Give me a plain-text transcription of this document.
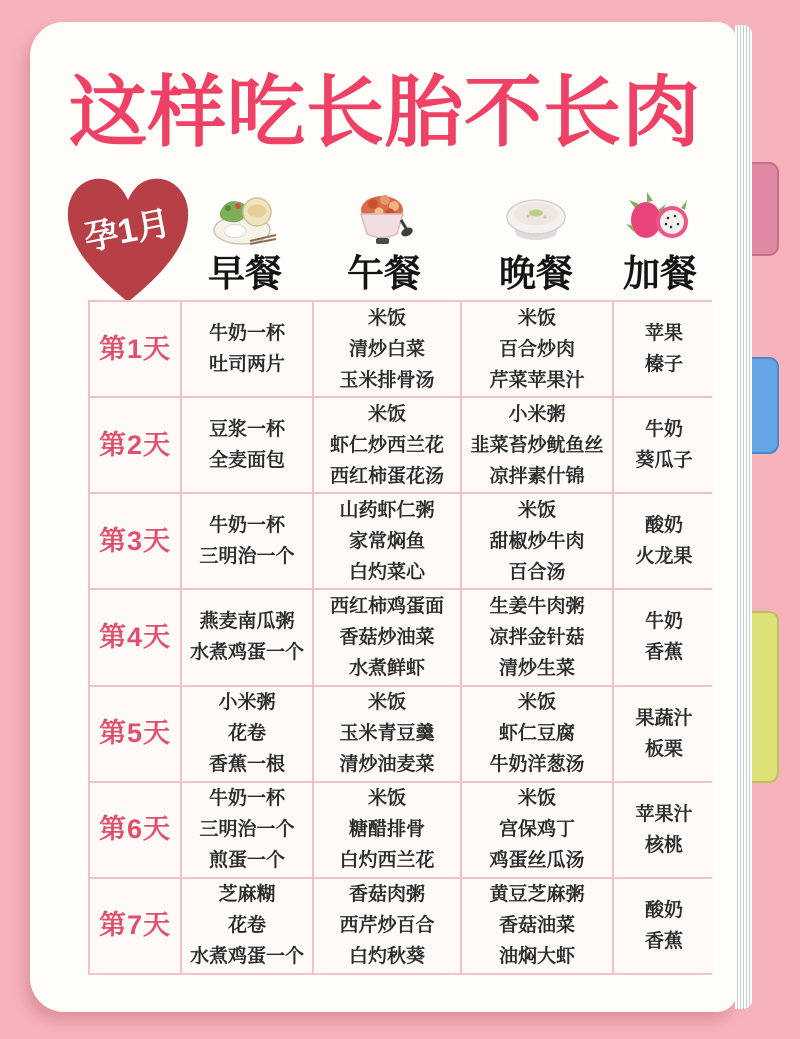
这样吃长胎不长肉
孕1月
早餐 午餐 晚餐 加餐
第1天 牛奶一杯
吐司两片
米饭
清炒白菜
玉米排骨汤
米饭
百合炒肉
芹菜苹果汁
苹果
榛子
第2天 豆浆一杯
全麦面包
米饭
虾仁炒西兰花
西红柿蛋花汤
小米粥
韭菜苔炒鱿鱼丝
凉拌素什锦
牛奶
葵瓜子
第3天 牛奶一杯
三明治一个
山药虾仁粥
家常焖鱼
白灼菜心
米饭
甜椒炒牛肉
百合汤
酸奶
火龙果
第4天 燕麦南瓜粥
水煮鸡蛋一个
西红柿鸡蛋面
香菇炒油菜
水煮鲜虾
生姜牛肉粥
凉拌金针菇
清炒生菜
牛奶
香蕉
第5天
小米粥
花卷
香蕉一根
米饭
玉米青豆羹
清炒油麦菜
米饭
虾仁豆腐
牛奶洋葱汤
果蔬汁
板栗
第6天
牛奶一杯
三明治一个
煎蛋一个
米饭
糖醋排骨
白灼西兰花
米饭
宫保鸡丁
鸡蛋丝瓜汤
苹果汁
核桃
第7天
芝麻糊
花卷
水煮鸡蛋一个
香菇肉粥
西芹炒百合
白灼秋葵
黄豆芝麻粥
香菇油菜
油焖大虾
酸奶
香蕉
